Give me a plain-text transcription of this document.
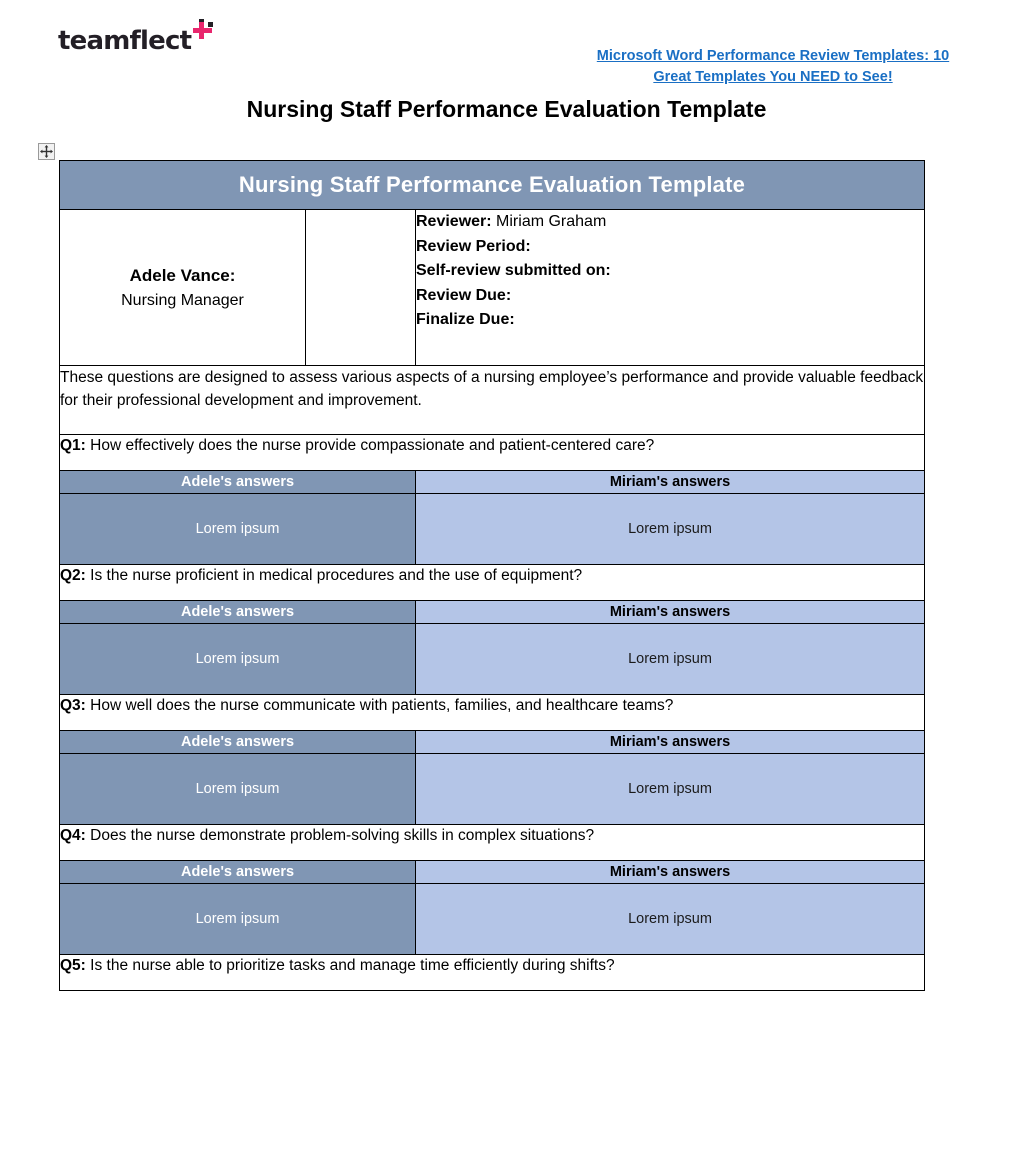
teamflect	Microsoft Word Performance Review Templates: 10 Great Templates You NEED to See!
Nursing Staff Performance Evaluation Template
Nursing Staff Performance Evaluation Template		

Adele Vance:
Nursing Manager

Reviewer: Miriam Graham
Review Period:
Self-review submitted on:
Review Due:
Finalize Due:

These questions are designed to assess various aspects of a nursing employee’s performance and provide valuable feedback for their professional development and improvement.		
Q1: How effectively does the nurse provide compassionate and patient-centered care?		
Adele's answers		Miriam's answers
Lorem ipsum		Lorem ipsum
Q2: Is the nurse proficient in medical procedures and the use of equipment?		
Adele's answers		Miriam's answers
Lorem ipsum		Lorem ipsum
Q3: How well does the nurse communicate with patients, families, and healthcare teams?		
Adele's answers		Miriam's answers
Lorem ipsum		Lorem ipsum
Q4: Does the nurse demonstrate problem-solving skills in complex situations?		
Adele's answers		Miriam's answers
Lorem ipsum		Lorem ipsum
Q5: Is the nurse able to prioritize tasks and manage time efficiently during shifts?		
